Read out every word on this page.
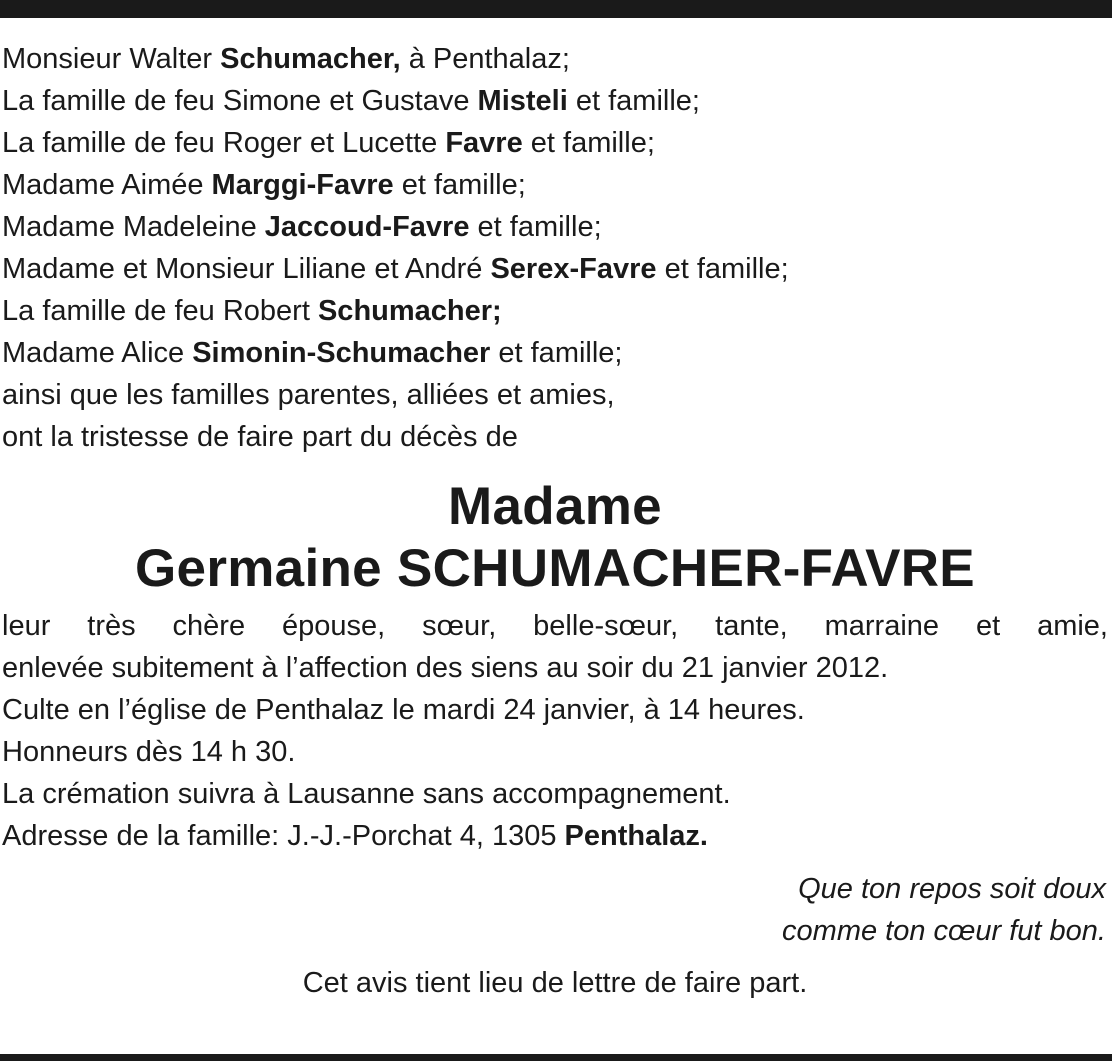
Monsieur Walter Schumacher, à Penthalaz;
La famille de feu Simone et Gustave Misteli et famille;
La famille de feu Roger et Lucette Favre et famille;
Madame Aimée Marggi-Favre et famille;
Madame Madeleine Jaccoud-Favre et famille;
Madame et Monsieur Liliane et André Serex-Favre et famille;
La famille de feu Robert Schumacher;
Madame Alice Simonin-Schumacher et famille;
ainsi que les familles parentes, alliées et amies,
ont la tristesse de faire part du décès de
Madame
Germaine SCHUMACHER-FAVRE
leur très chère épouse, sœur, belle-sœur, tante, marraine et amie,
enlevée subitement à l’affection des siens au soir du 21 janvier 2012.
Culte en l’église de Penthalaz le mardi 24 janvier, à 14 heures.
Honneurs dès 14 h 30.
La crémation suivra à Lausanne sans accompagnement.
Adresse de la famille: J.-J.-Porchat 4, 1305 Penthalaz.
Que ton repos soit doux
comme ton cœur fut bon.
Cet avis tient lieu de lettre de faire part.
